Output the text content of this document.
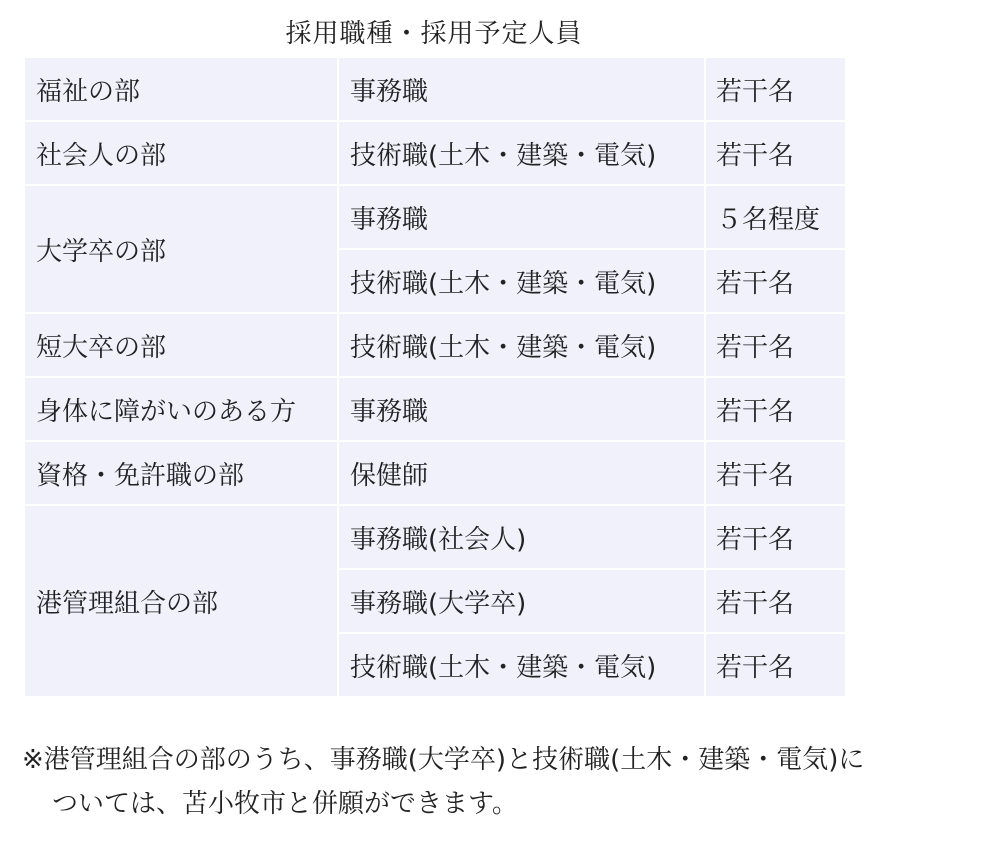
採用職種・採用予定人員
福祉の部	事務職	若干名
社会人の部	技術職(土木・建築・電気)	若干名
大学卒の部	事務職	５名程度
	技術職(土木・建築・電気)	若干名
短大卒の部	技術職(土木・建築・電気)	若干名
身体に障がいのある方	事務職	若干名
資格・免許職の部	保健師	若干名
港管理組合の部	事務職(社会人)	若干名
	事務職(大学卒)	若干名
	技術職(土木・建築・電気)	若干名
※港管理組合の部のうち、事務職(大学卒)と技術職(土木・建築・電気)に
ついては、苫小牧市と併願ができます。
